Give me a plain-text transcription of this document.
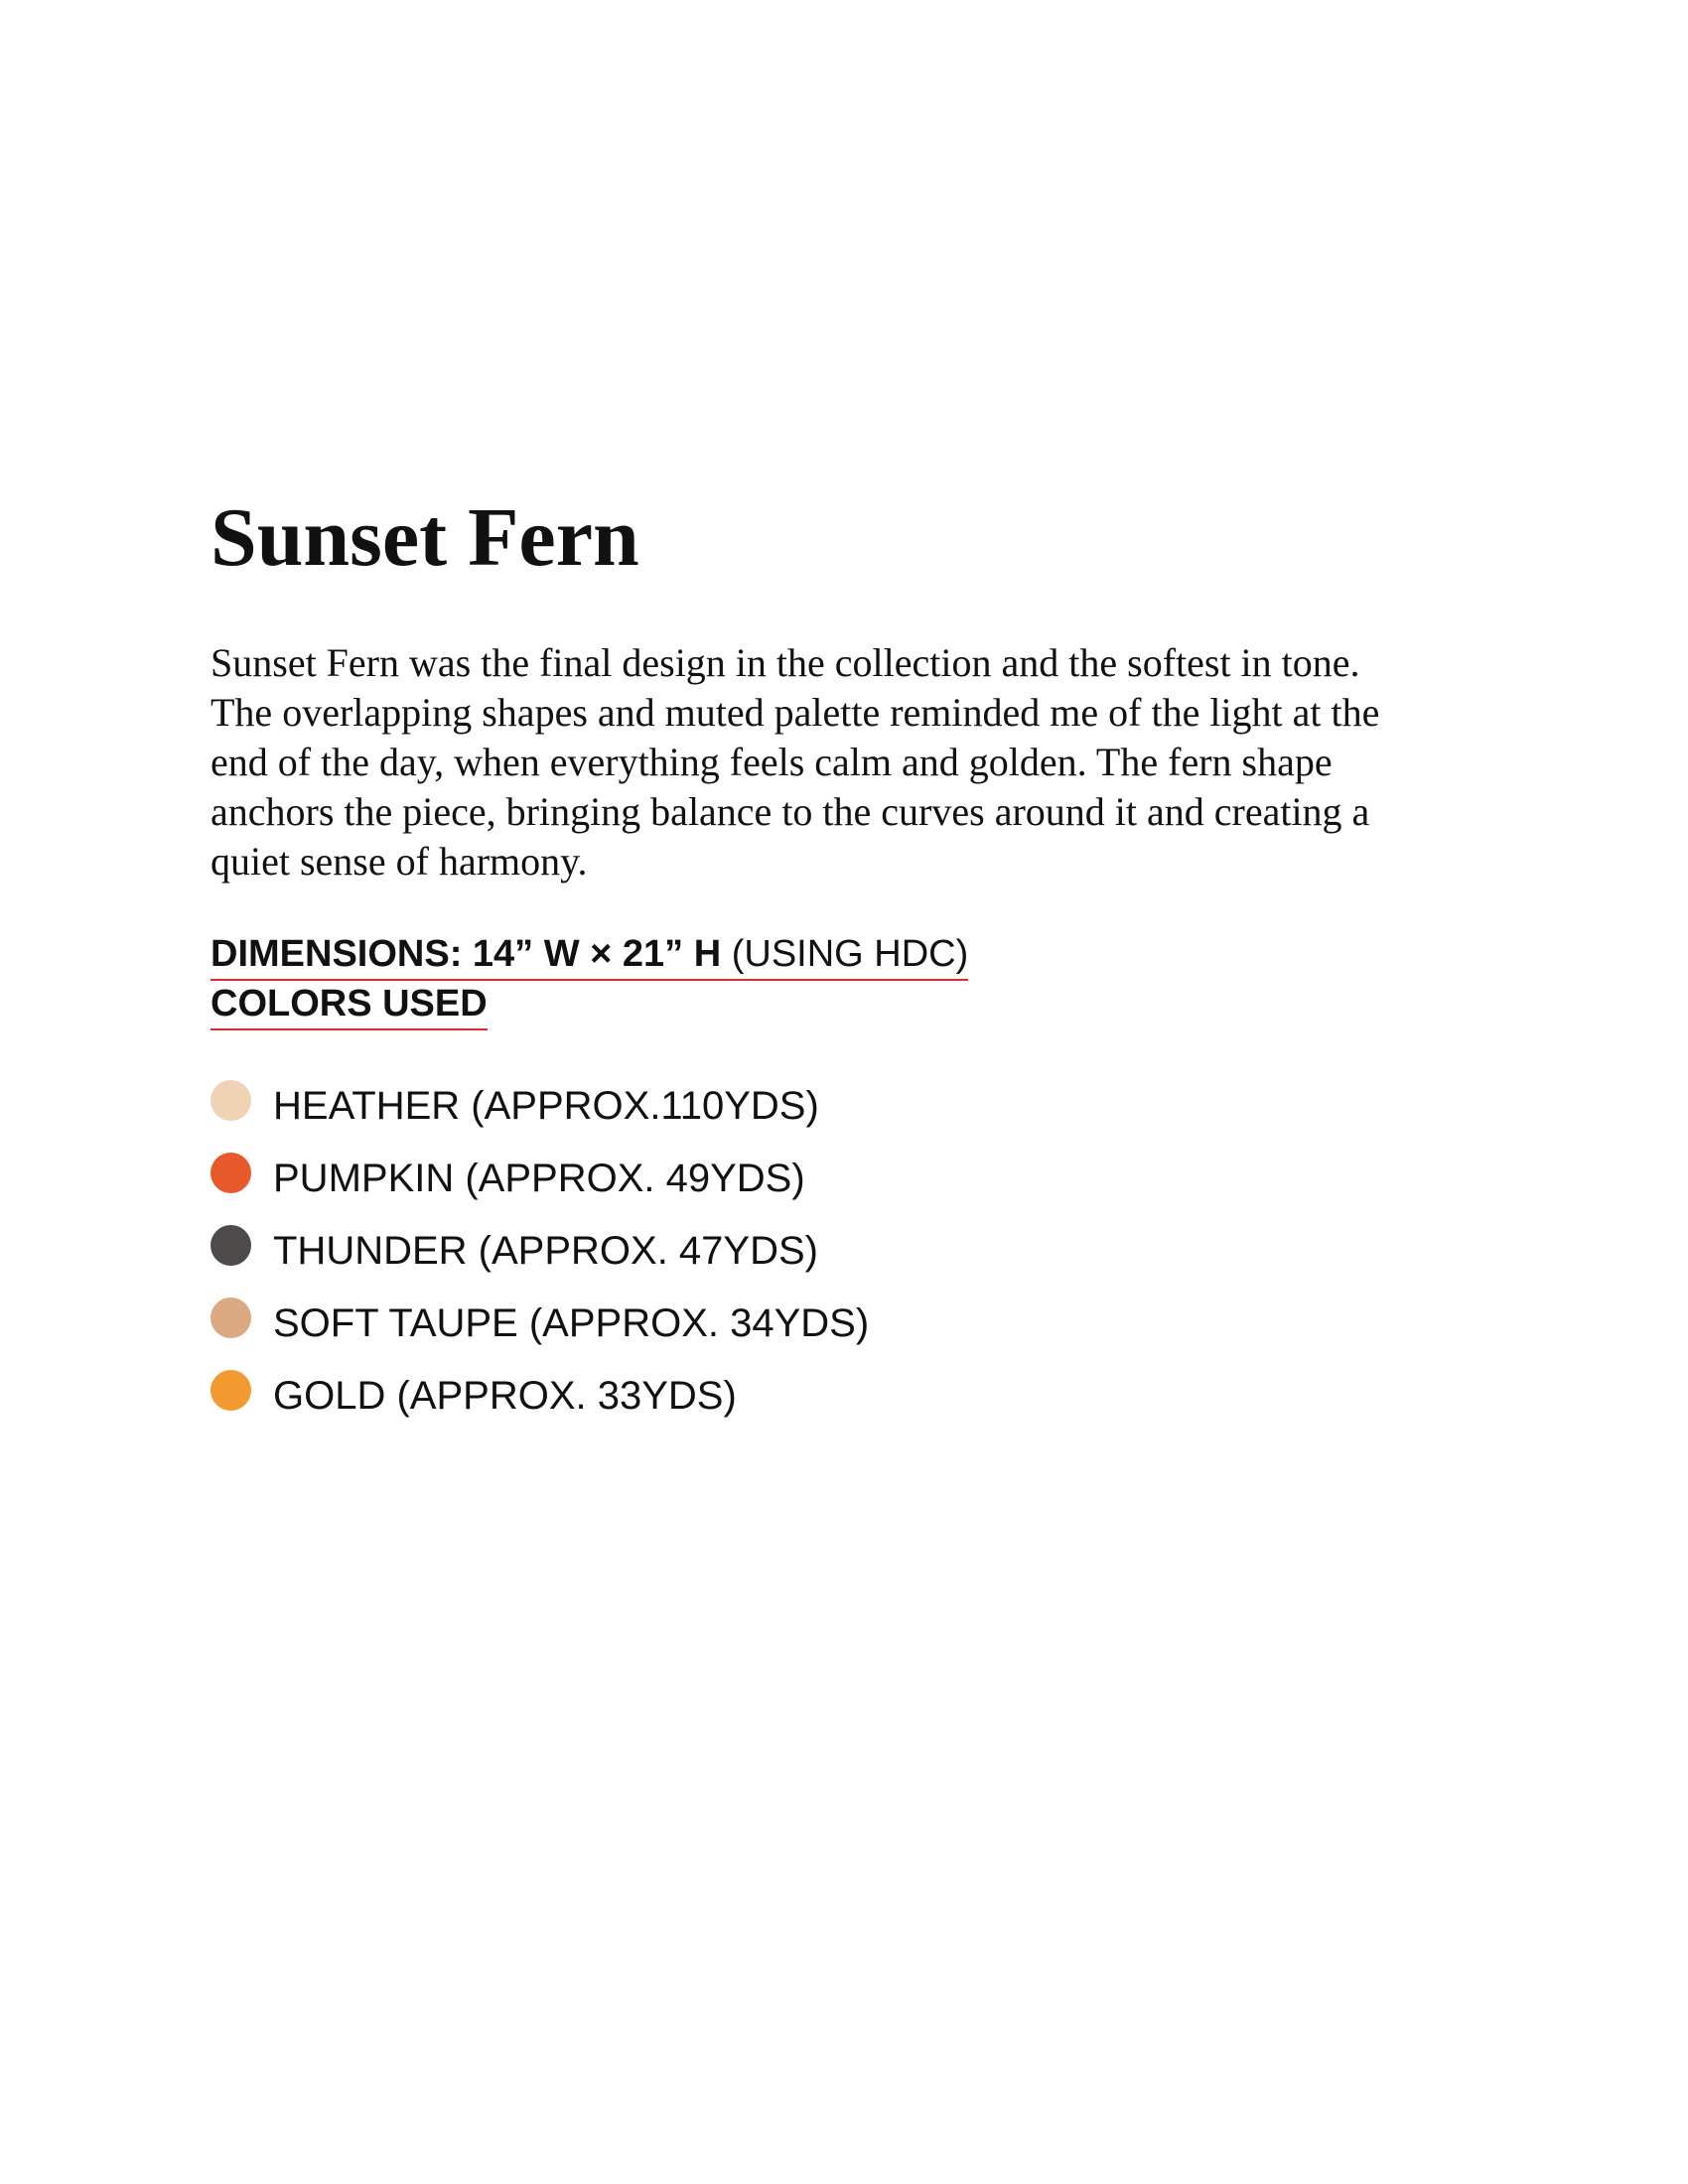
Sunset Fern

Sunset Fern was the final design in the collection and the softest in tone.
The overlapping shapes and muted palette reminded me of the light at the
end of the day, when everything feels calm and golden. The fern shape
anchors the piece, bringing balance to the curves around it and creating a
quiet sense of harmony.

DIMENSIONS: 14” W × 21” H (USING HDC)
COLORS USED
HEATHER (APPROX.110YDS)
PUMPKIN (APPROX. 49YDS)
THUNDER (APPROX. 47YDS)
SOFT TAUPE (APPROX. 34YDS)
GOLD (APPROX. 33YDS)
